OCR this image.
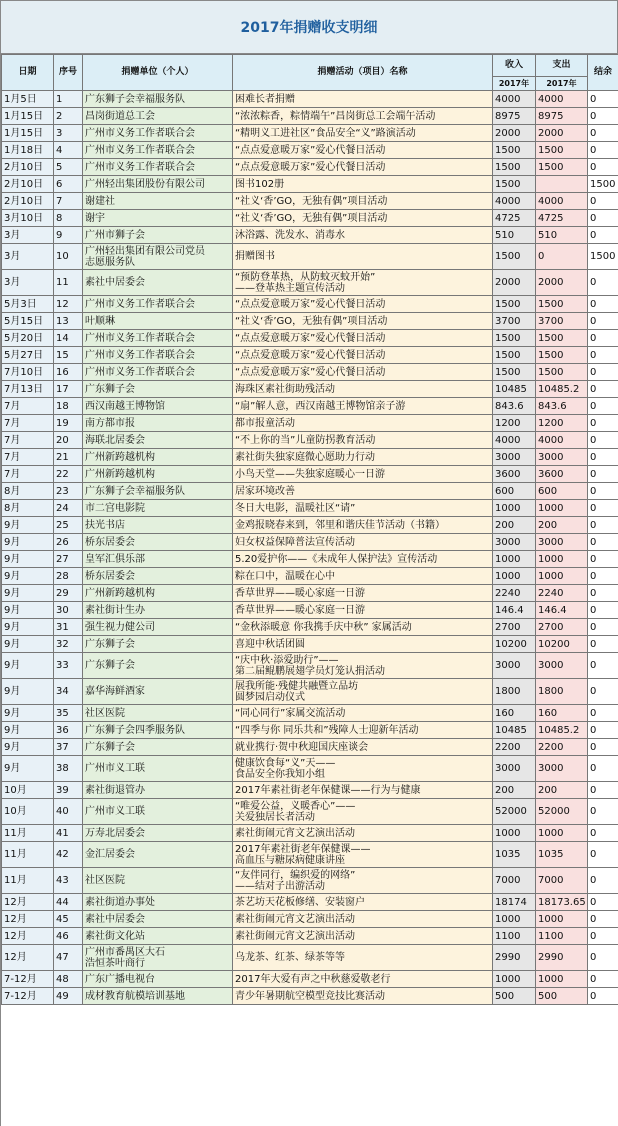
2017年捐赠收支明细
日期	序号	捐赠单位（个人）	捐赠活动（项目）名称	收入	支出	结余
				2017年	2017年	
1月5日	1	广东狮子会幸福服务队	困难长者捐赠	4000	4000	0
1月15日	2	昌岗街道总工会	“浓浓粽香，粽情端午”昌岗街总工会端午活动	8975	8975	0
1月15日	3	广州市义务工作者联合会	“精明义工进社区”食品安全“义”路演活动	2000	2000	0
1月18日	4	广州市义务工作者联合会	“点点爱意暖万家”爱心代餐日活动	1500	1500	0
2月10日	5	广州市义务工作者联合会	“点点爱意暖万家”爱心代餐日活动	1500	1500	0
2月10日	6	广州轻出集团股份有限公司	图书102册	1500		1500
2月10日	7	谢建社	“社义‘香’GO，无独有偶”项目活动	4000	4000	0
3月10日	8	谢宇	“社义‘香’GO，无独有偶”项目活动	4725	4725	0
3月	9	广州市狮子会	沐浴露、洗发水、消毒水	510	510	0
3月	10	广州轻出集团有限公司党员
志愿服务队	捐赠图书	1500	0	1500
3月	11	素社中居委会	“预防登革热，从防蚊灭蚊开始”
——登革热主题宣传活动	2000	2000	0
5月3日	12	广州市义务工作者联合会	“点点爱意暖万家”爱心代餐日活动	1500	1500	0
5月15日	13	叶顺琳	“社义‘香’GO，无独有偶”项目活动	3700	3700	0
5月20日	14	广州市义务工作者联合会	“点点爱意暖万家”爱心代餐日活动	1500	1500	0
5月27日	15	广州市义务工作者联合会	“点点爱意暖万家”爱心代餐日活动	1500	1500	0
7月10日	16	广州市义务工作者联合会	“点点爱意暖万家”爱心代餐日活动	1500	1500	0
7月13日	17	广东狮子会	海珠区素社街助残活动	10485	10485.2	0
7月	18	西汉南越王博物馆	“扇”解人意，西汉南越王博物馆亲子游	843.6	843.6	0
7月	19	南方都市报	都市报童活动	1200	1200	0
7月	20	海联北居委会	“不上你的当”儿童防拐教育活动	4000	4000	0
7月	21	广州新跨越机构	素社街失独家庭微心愿助力行动	3000	3000	0
7月	22	广州新跨越机构	小鸟天堂——失独家庭暖心一日游	3600	3600	0
8月	23	广东狮子会幸福服务队	居家环境改善	600	600	0
8月	24	市二宫电影院	冬日大电影，温暖社区“请”	1000	1000	0
9月	25	扶光书店	金鸡报晓春来到，邻里和谐庆佳节活动（书籍）	200	200	0
9月	26	桥东居委会	妇女权益保障普法宣传活动	3000	3000	0
9月	27	皇军汇俱乐部	5.20爱护你——《未成年人保护法》宣传活动	1000	1000	0
9月	28	桥东居委会	粽在口中，温暖在心中	1000	1000	0
9月	29	广州新跨越机构	香草世界——暖心家庭一日游	2240	2240	0
9月	30	素社街计生办	香草世界——暖心家庭一日游	146.4	146.4	0
9月	31	强生视力健公司	“金秋添暖意 你我携手庆中秋” 家属活动	2700	2700	0
9月	32	广东狮子会	喜迎中秋话团圆	10200	10200	0
9月	33	广东狮子会	“庆中秋·添爱助行”——
第二届鲲鹏展翅学员灯笼认捐活动	3000	3000	0
9月	34	嘉华海鲜酒家	展我所能·残健共融暨立品坊
圆梦园启动仪式	1800	1800	0
9月	35	社区医院	“同心同行”家属交流活动	160	160	0
9月	36	广东狮子会四季服务队	“四季与你 同乐共和”残障人士迎新年活动	10485	10485.2	0
9月	37	广东狮子会	就业携行·贺中秋迎国庆座谈会	2200	2200	0
9月	38	广州市义工联	健康饮食每“义”天——
食品安全你我知小组	3000	3000	0
10月	39	素社街退管办	2017年素社街老年保健课——行为与健康	200	200	0
10月	40	广州市义工联	“唯爱公益，义暖香心”——
关爱独居长者活动	52000	52000	0
11月	41	万寿北居委会	素社街闹元宵文艺演出活动	1000	1000	0
11月	42	金汇居委会	2017年素社街老年保健课——
高血压与糖尿病健康讲座	1035	1035	0
11月	43	社区医院	“友伴同行，编织爱的网络”
——结对子出游活动	7000	7000	0
12月	44	素社街道办事处	茶艺坊天花板修缮、安装窗户	18174	18173.65	0
12月	45	素社中居委会	素社街闹元宵文艺演出活动	1000	1000	0
12月	46	素社街文化站	素社街闹元宵文艺演出活动	1100	1100	0
12月	47	广州市番禺区大石
浩恒茶叶商行	乌龙茶、红茶、绿茶等等	2990	2990	0
7-12月	48	广东广播电视台	2017年大爱有声之中秋慈爱敬老行	1000	1000	0
7-12月	49	成材教育航模培训基地	青少年暑期航空模型竞技比赛活动	500	500	0
